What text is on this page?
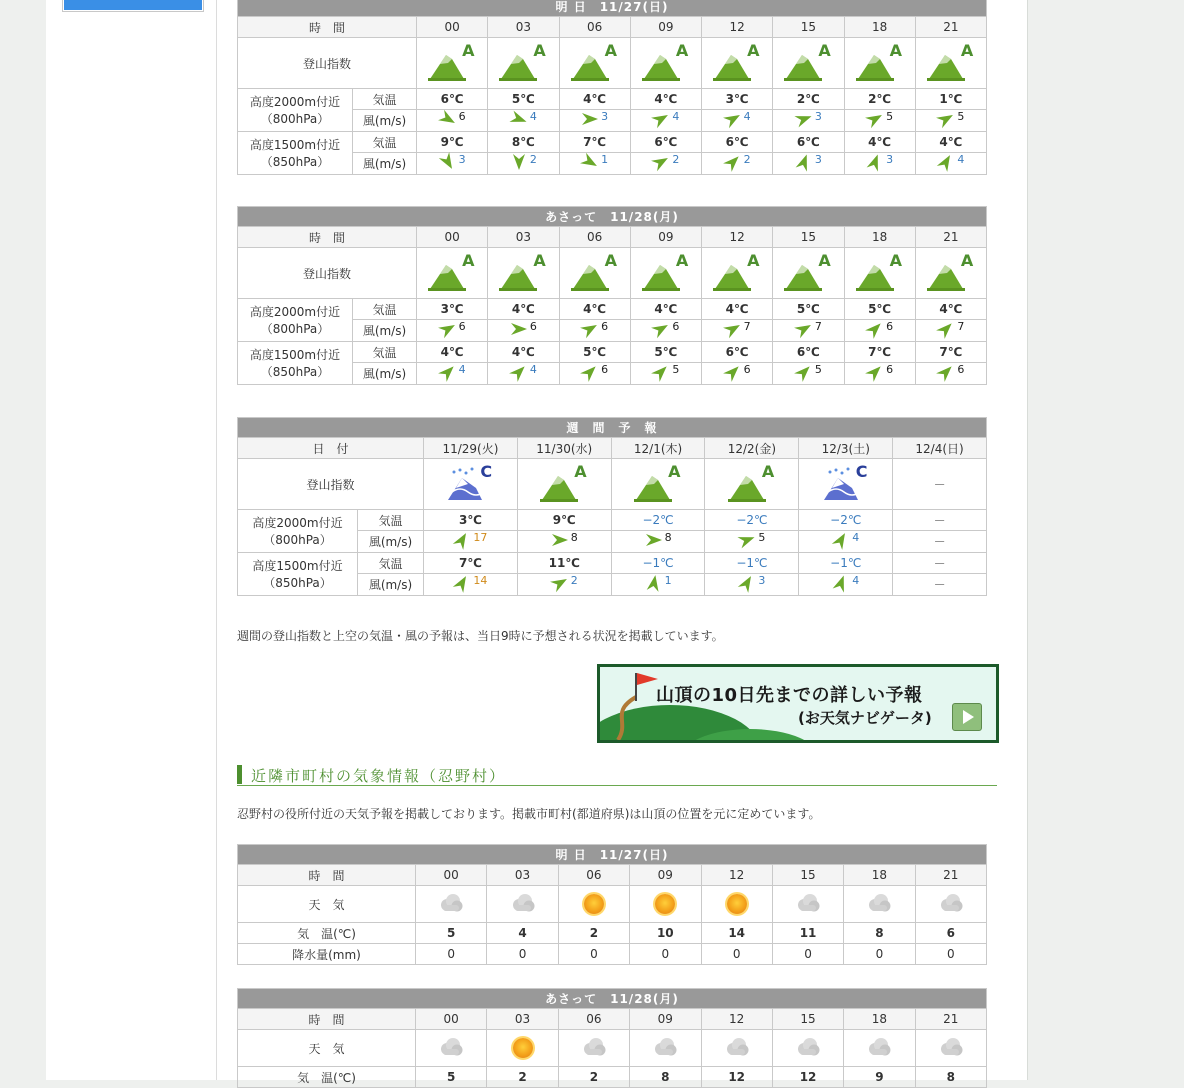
明 日　11/27(日)									
時　間		00	03	06	09	12	15	18	21
登山指数		A	A	A	A	A	A	A	A

高度2000m付近
（800hPa）	気温	6℃	5℃	4℃	4℃	3℃	2℃	2℃	1℃
	風(m/s)	6	4	3	4	4	3	5	5
高度1500m付近
（850hPa）	気温	9℃	8℃	7℃	6℃	6℃	6℃	4℃	4℃
	風(m/s)	3	2	1	2	2	3	3	4
あさって　11/28(月)									
時　間		00	03	06	09	12	15	18	21
登山指数		A	A	A	A	A	A	A	A

高度2000m付近
（800hPa）	気温	3℃	4℃	4℃	4℃	4℃	5℃	5℃	4℃
	風(m/s)	6	6	6	6	7	7	6	7
高度1500m付近
（850hPa）	気温	4℃	4℃	5℃	5℃	6℃	6℃	7℃	7℃
	風(m/s)	4	4	6	5	6	5	6	6
週　間　予　報							
日　付		11/29(火)	11/30(水)	12/1(木)	12/2(金)	12/3(土)	12/4(日)
登山指数		C	A	A	A	C	－
高度2000m付近
（800hPa）	気温	3℃	9℃	−2℃	−2℃	−2℃	－
	風(m/s)	17	8	8	5	4	－
高度1500m付近
（850hPa）	気温	7℃	11℃	−1℃	−1℃	−1℃	－
	風(m/s)	14	2	1	3	4	－
週間の登山指数と上空の気温・風の予報は、当日9時に予想される状況を掲載しています。
山頂の10日先までの詳しい予報
(お天気ナビゲータ)
近隣市町村の気象情報（忍野村）
忍野村の役所付近の天気予報を掲載しております。掲載市町村(都道府県)は山頂の位置を元に定めています。
明 日　11/27(日)								
時　間	00	03	06	09	12	15	18	21
天　気								
気　温(℃)	5	4	2	10	14	11	8	6
降水量(mm)	0	0	0	0	0	0	0	0
あさって　11/28(月)								
時　間	00	03	06	09	12	15	18	21
天　気								
気　温(℃)	5	2	2	8	12	12	9	8
